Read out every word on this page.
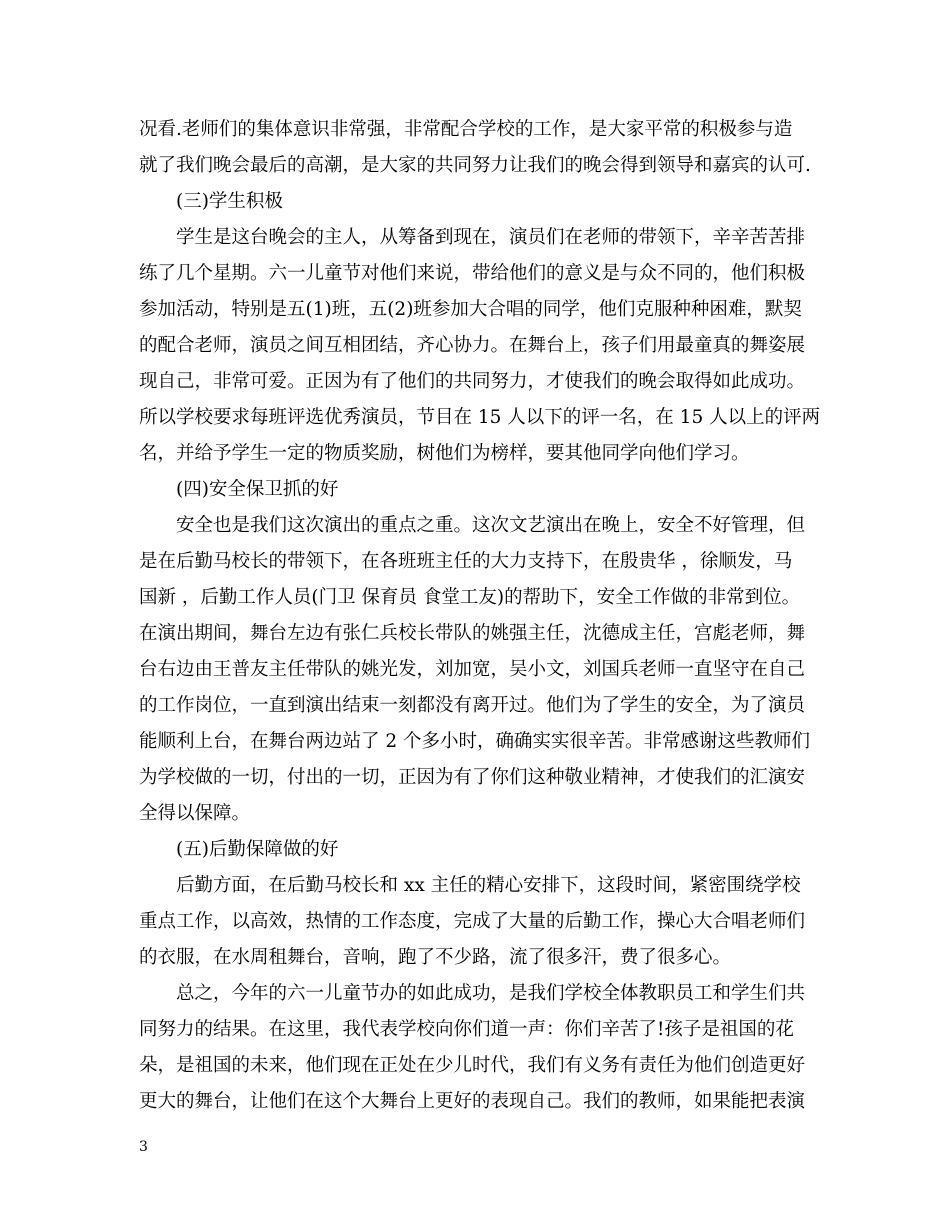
况看.老师们的集体意识非常强，非常配合学校的工作，是大家平常的积极参与造
就了我们晚会最后的高潮，是大家的共同努力让我们的晚会得到领导和嘉宾的认可.
(三)学生积极
学生是这台晚会的主人，从筹备到现在，演员们在老师的带领下，辛辛苦苦排
练了几个星期。六一儿童节对他们来说，带给他们的意义是与众不同的，他们积极
参加活动，特别是五(1)班，五(2)班参加大合唱的同学，他们克服种种困难，默契
的配合老师，演员之间互相团结，齐心协力。在舞台上，孩子们用最童真的舞姿展
现自己，非常可爱。正因为有了他们的共同努力，才使我们的晚会取得如此成功。
所以学校要求每班评选优秀演员，节目在 15 人以下的评一名，在 15 人以上的评两
名，并给予学生一定的物质奖励，树他们为榜样，要其他同学向他们学习。
(四)安全保卫抓的好
安全也是我们这次演出的重点之重。这次文艺演出在晚上，安全不好管理，但
是在后勤马校长的带领下，在各班班主任的大力支持下，在殷贵华 ，徐顺发，马
国新 ，后勤工作人员(门卫 保育员 食堂工友)的帮助下，安全工作做的非常到位。
在演出期间，舞台左边有张仁兵校长带队的姚强主任，沈德成主任，宫彪老师，舞
台右边由王普友主任带队的姚光发，刘加宽，吴小文，刘国兵老师一直坚守在自己
的工作岗位，一直到演出结束一刻都没有离开过。他们为了学生的安全，为了演员
能顺利上台，在舞台两边站了 2 个多小时，确确实实很辛苦。非常感谢这些教师们
为学校做的一切，付出的一切，正因为有了你们这种敬业精神，才使我们的汇演安
全得以保障。
(五)后勤保障做的好
后勤方面，在后勤马校长和 xx 主任的精心安排下，这段时间，紧密围绕学校
重点工作，以高效，热情的工作态度，完成了大量的后勤工作，操心大合唱老师们
的衣服，在水周租舞台，音响，跑了不少路，流了很多汗，费了很多心。
总之，今年的六一儿童节办的如此成功，是我们学校全体教职员工和学生们共
同努力的结果。在这里，我代表学校向你们道一声：你们辛苦了!孩子是祖国的花
朵，是祖国的未来，他们现在正处在少儿时代，我们有义务有责任为他们创造更好
更大的舞台，让他们在这个大舞台上更好的表现自己。我们的教师，如果能把表演
3
